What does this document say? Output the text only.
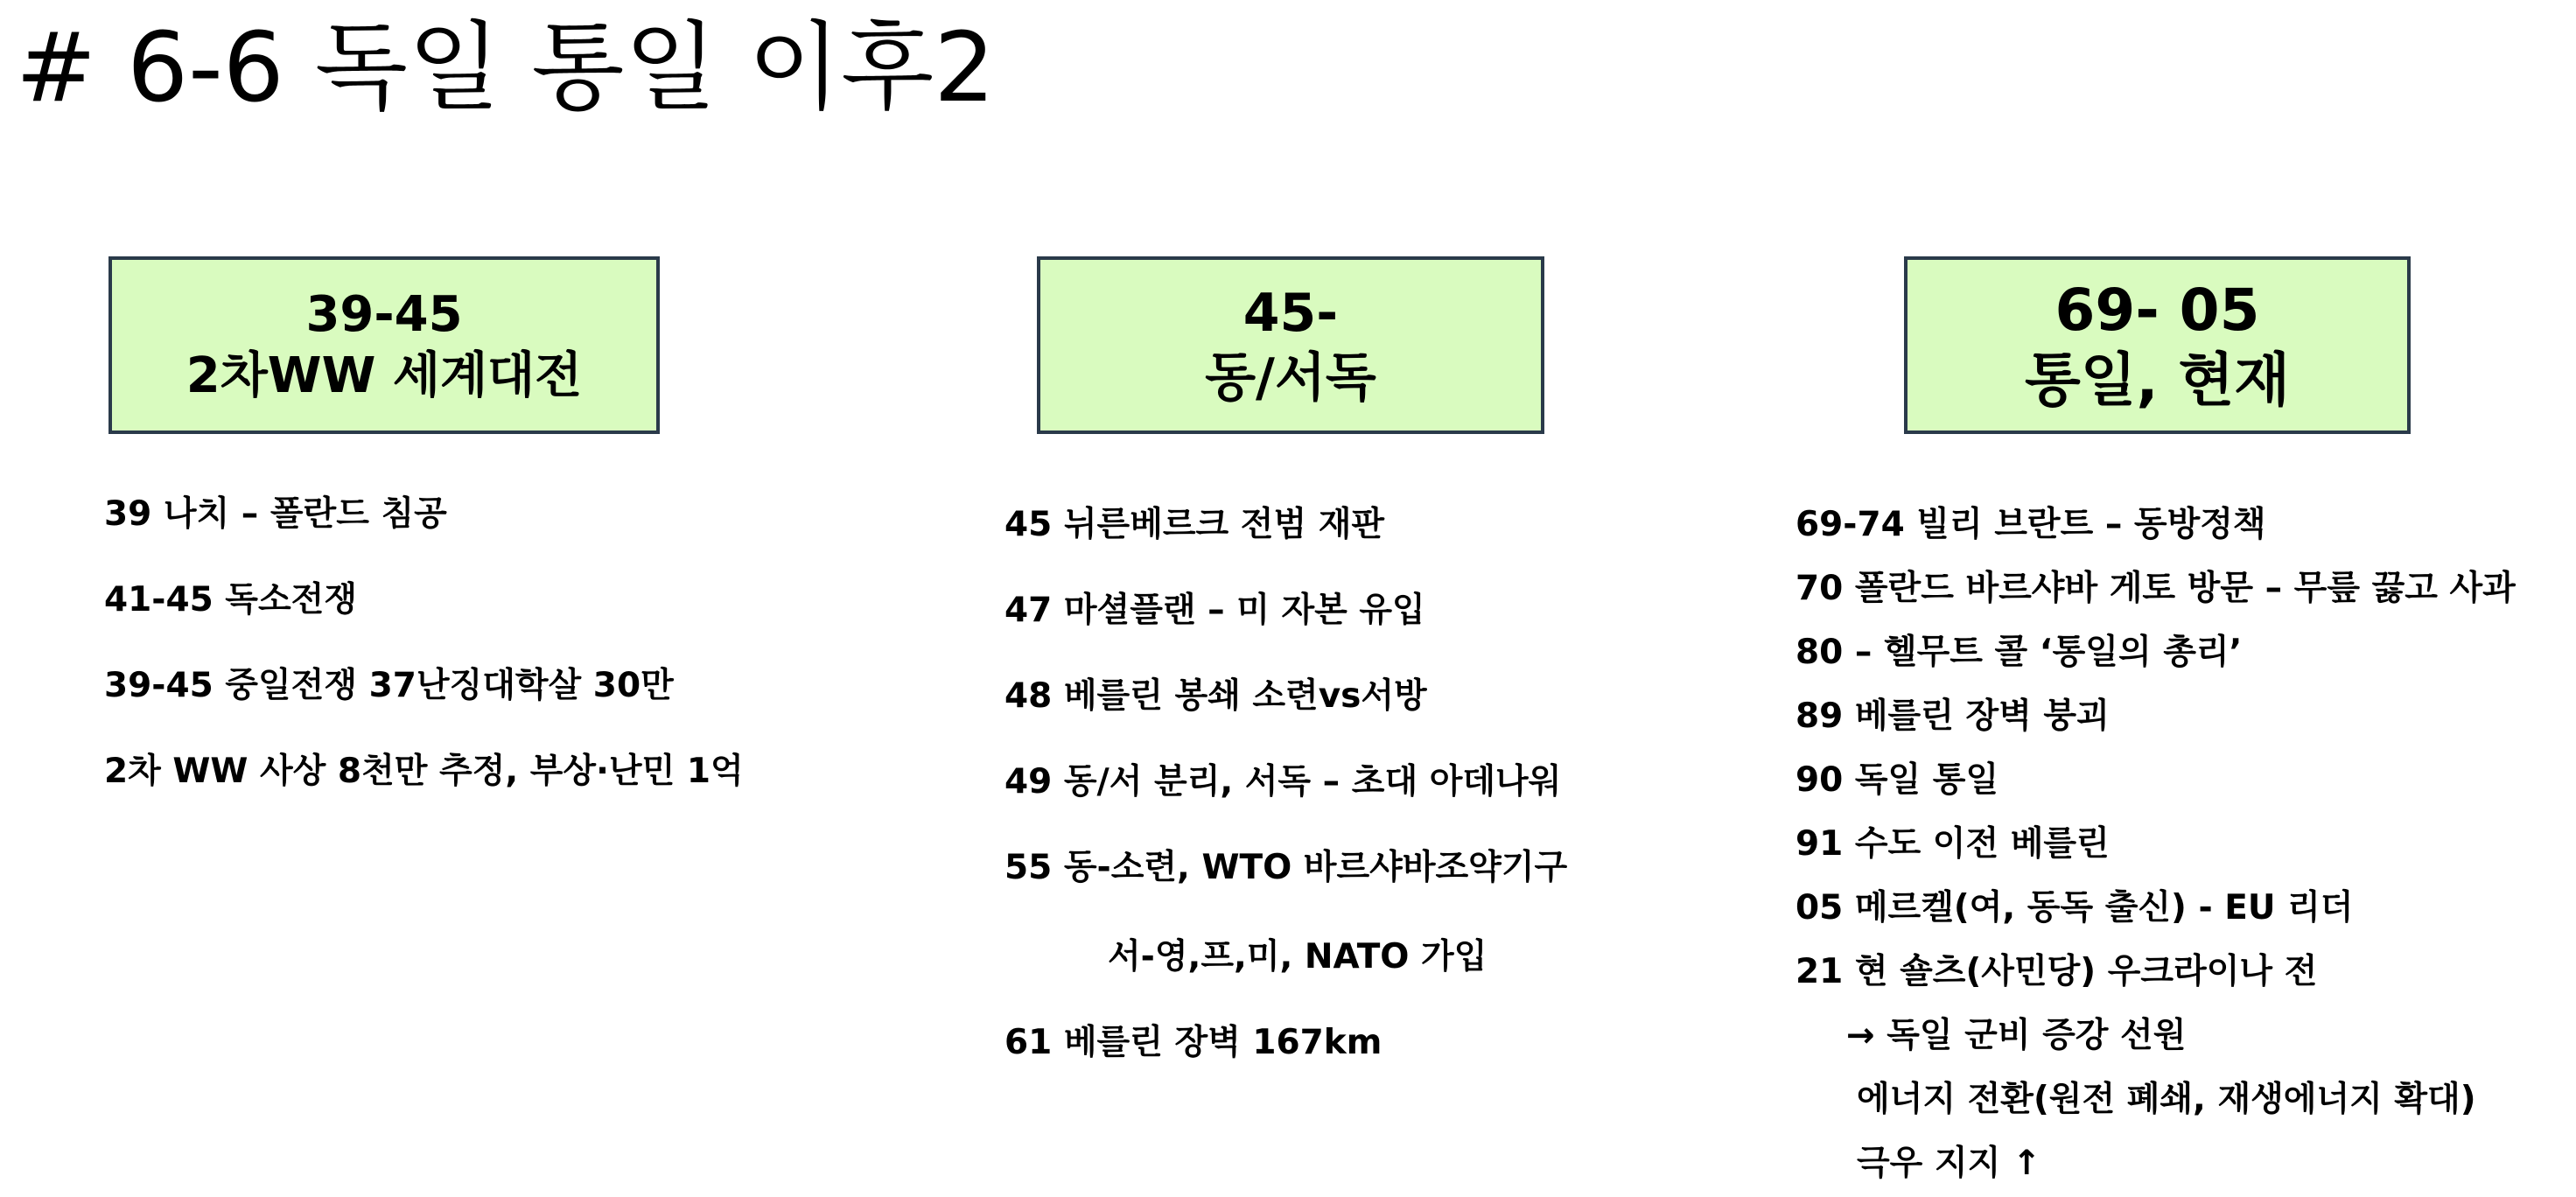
# 6-6 독일 통일 이후2
39-45
2차WW 세계대전
45-
동/서독
69- 05
통일, 현재
39 나치 – 폴란드 침공
41-45 독소전쟁
39-45 중일전쟁 37난징대학살 30만
2차 WW 사상 8천만 추정, 부상·난민 1억
45 뉘른베르크 전범 재판
47 마셜플랜 – 미 자본 유입
48 베를린 봉쇄 소련vs서방
49 동/서 분리, 서독 – 초대 아데나워
55 동-소련, WTO 바르샤바조약기구
서-영,프,미, NATO 가입
61 베를린 장벽 167km
69-74 빌리 브란트 – 동방정책
70 폴란드 바르샤바 게토 방문 – 무릎 끓고 사과
80 – 헬무트 콜 ‘통일의 총리’
89 베를린 장벽 붕괴
90 독일 통일
91 수도 이전 베를린
05 메르켈(여, 동독 출신) - EU 리더
21 현 숄츠(사민당) 우크라이나 전
→ 독일 군비 증강 선원
에너지 전환(원전 폐쇄, 재생에너지 확대)
극우 지지 ↑
